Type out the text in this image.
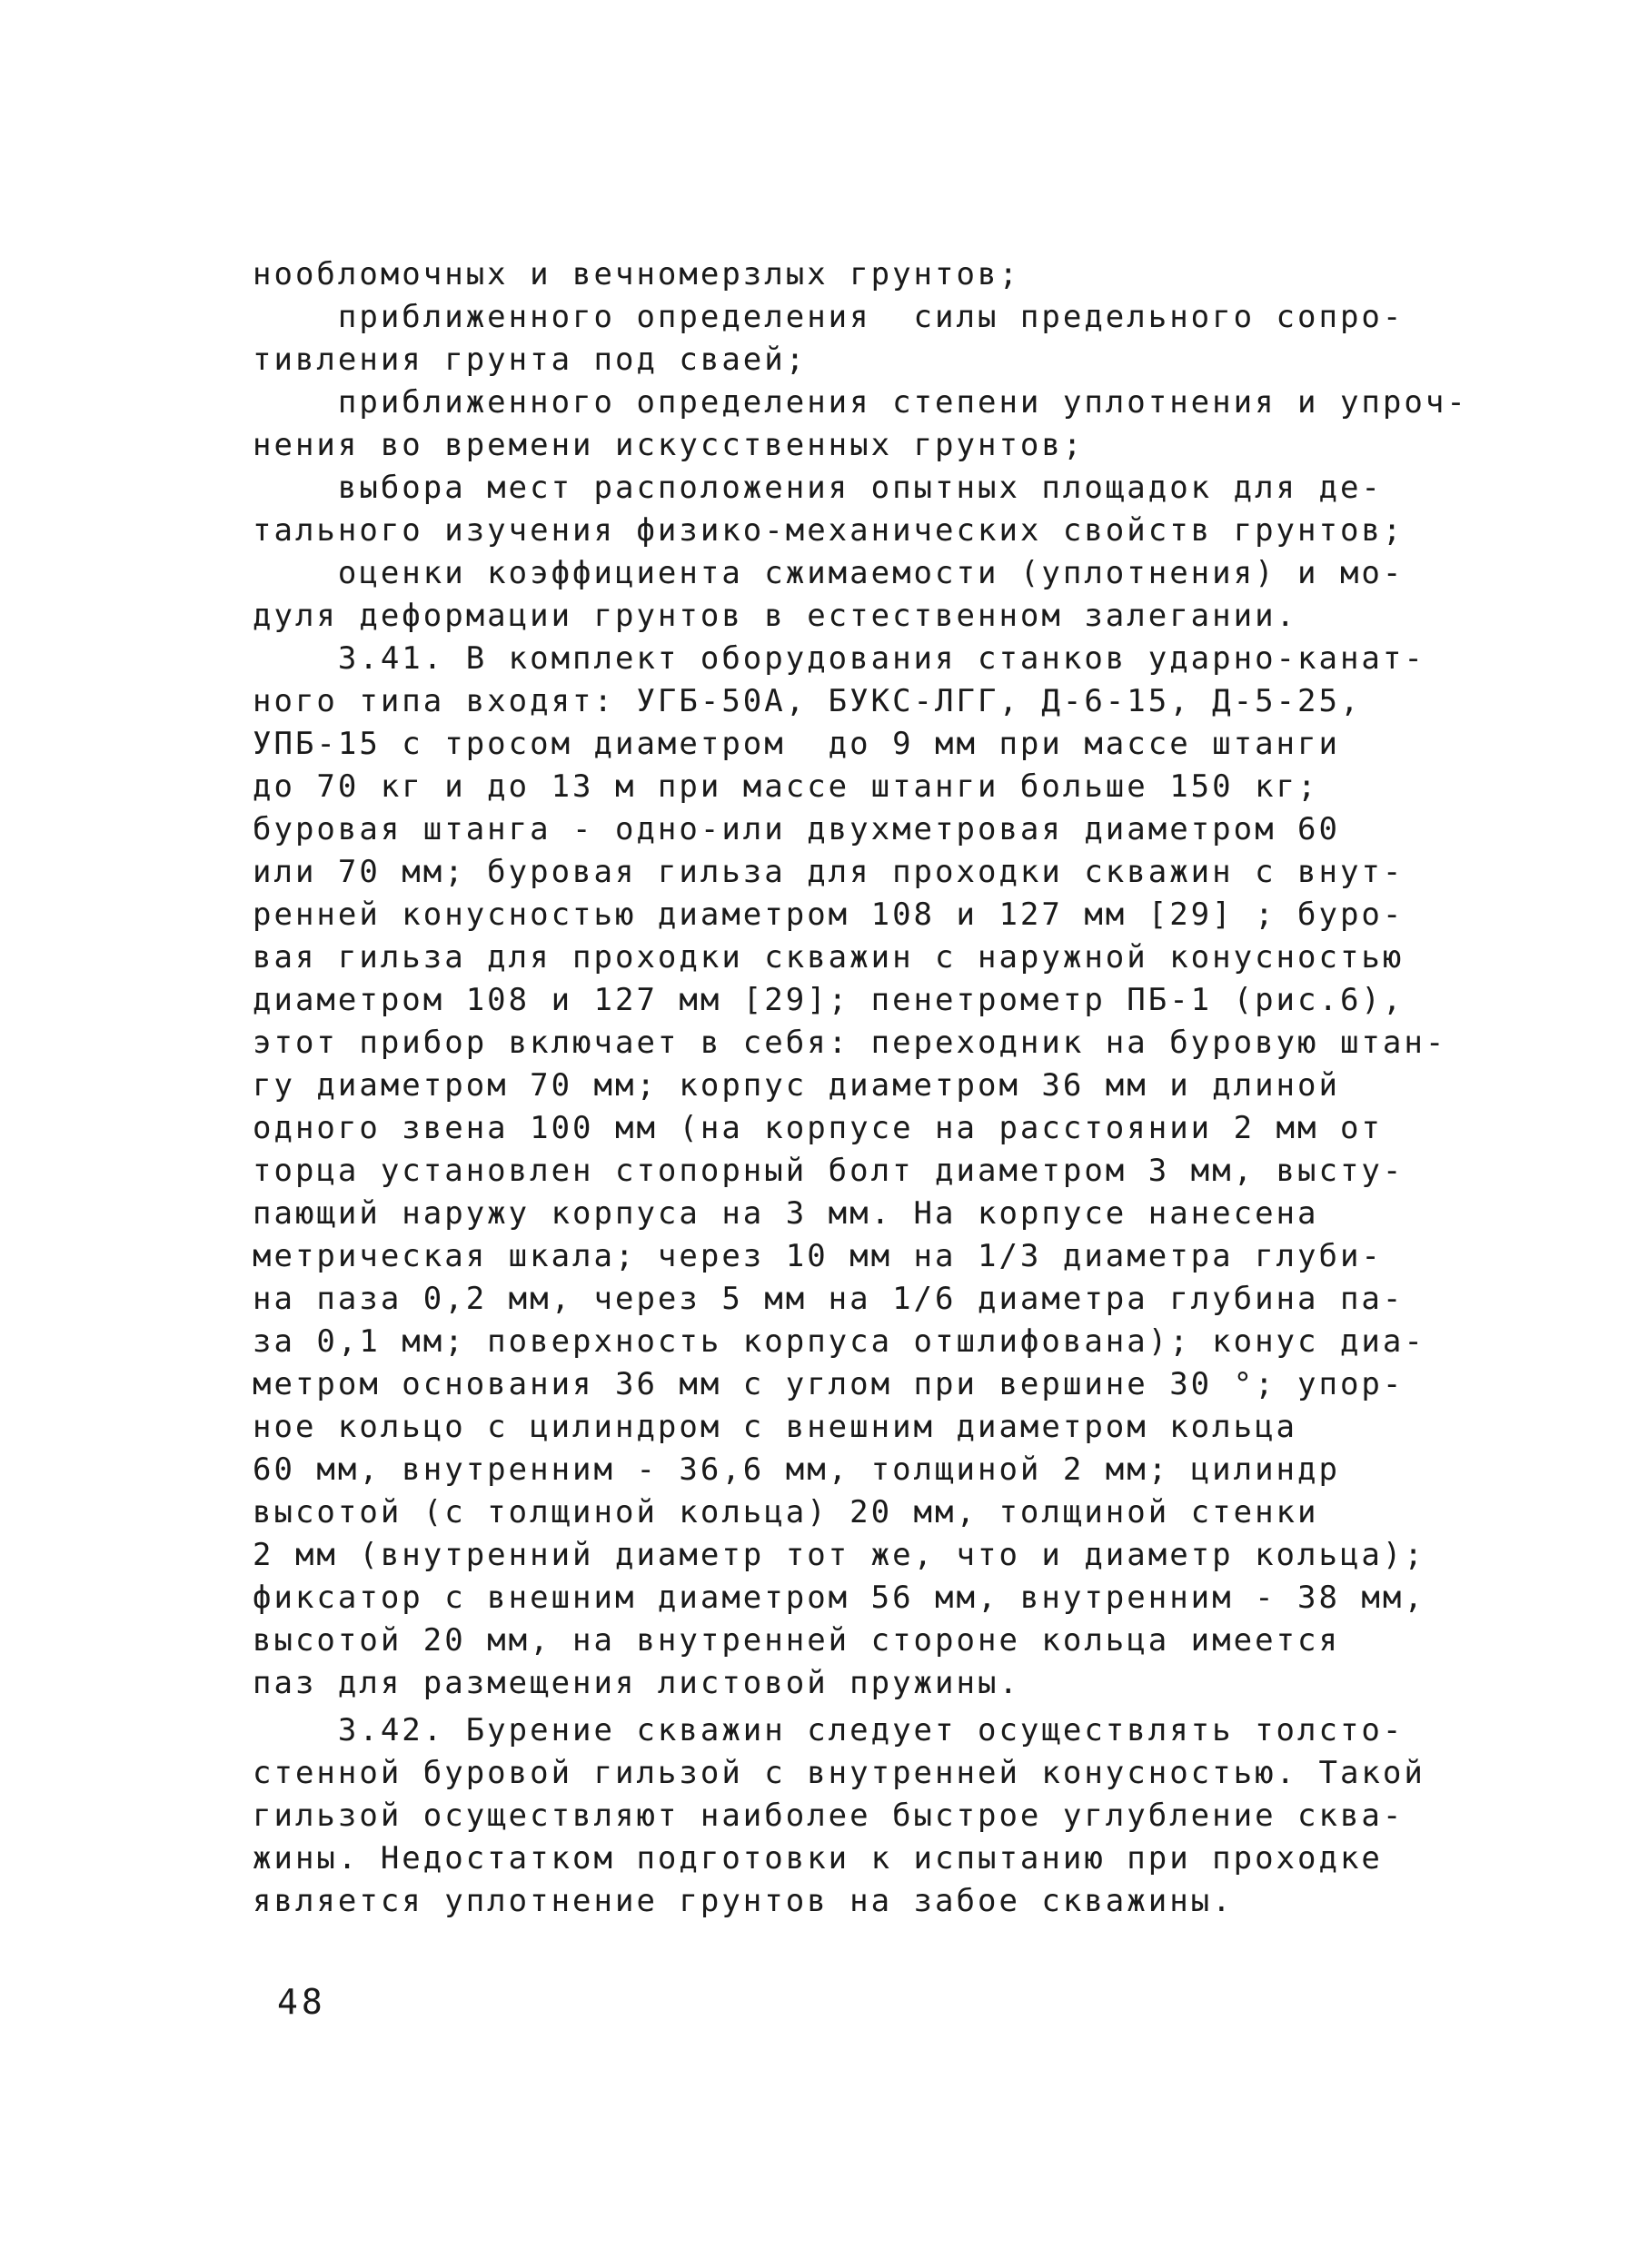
нообломочных и вечномерзлых грунтов;
приближенного определения  силы предельного сопро-
тивления грунта под сваей;
приближенного определения степени уплотнения и упроч-
нения во времени искусственных грунтов;
выбора мест расположения опытных площадок для де-
тального изучения физико-механических свойств грунтов;
оценки коэффициента сжимаемости (уплотнения) и мо-
дуля деформации грунтов в естественном залегании.
3.41. В комплект оборудования станков ударно-канат-
ного типа входят: УГБ-50А, БУКС-ЛГГ, Д-6-15, Д-5-25,
УПБ-15 с тросом диаметром  до 9 мм при массе штанги
до 70 кг и до 13 м при массе штанги больше 150 кг;
буровая штанга - одно-или двухметровая диаметром 60
или 70 мм; буровая гильза для проходки скважин с внут-
ренней конусностью диаметром 108 и 127 мм [29] ; буро-
вая гильза для проходки скважин с наружной конусностью
диаметром 108 и 127 мм [29]; пенетрометр ПБ-1 (рис.6),
этот прибор включает в себя: переходник на буровую штан-
гу диаметром 70 мм; корпус диаметром 36 мм и длиной
одного звена 100 мм (на корпусе на расстоянии 2 мм от
торца установлен стопорный болт диаметром 3 мм, высту-
пающий наружу корпуса на 3 мм. На корпусе нанесена
метрическая шкала; через 10 мм на 1/3 диаметра глуби-
на паза 0,2 мм, через 5 мм на 1/6 диаметра глубина па-
за 0,1 мм; поверхность корпуса отшлифована); конус диа-
метром основания 36 мм с углом при вершине 30 °; упор-
ное кольцо с цилиндром с внешним диаметром кольца
60 мм, внутренним - 36,6 мм, толщиной 2 мм; цилиндр
высотой (с толщиной кольца) 20 мм, толщиной стенки
2 мм (внутренний диаметр тот же, что и диаметр кольца);
фиксатор с внешним диаметром 56 мм, внутренним - 38 мм,
высотой 20 мм, на внутренней стороне кольца имеется
паз для размещения листовой пружины.
3.42. Бурение скважин следует осуществлять толсто-
стенной буровой гильзой с внутренней конусностью. Такой
гильзой осуществляют наиболее быстрое углубление сква-
жины. Недостатком подготовки к испытанию при проходке
является уплотнение грунтов на забое скважины.
48
